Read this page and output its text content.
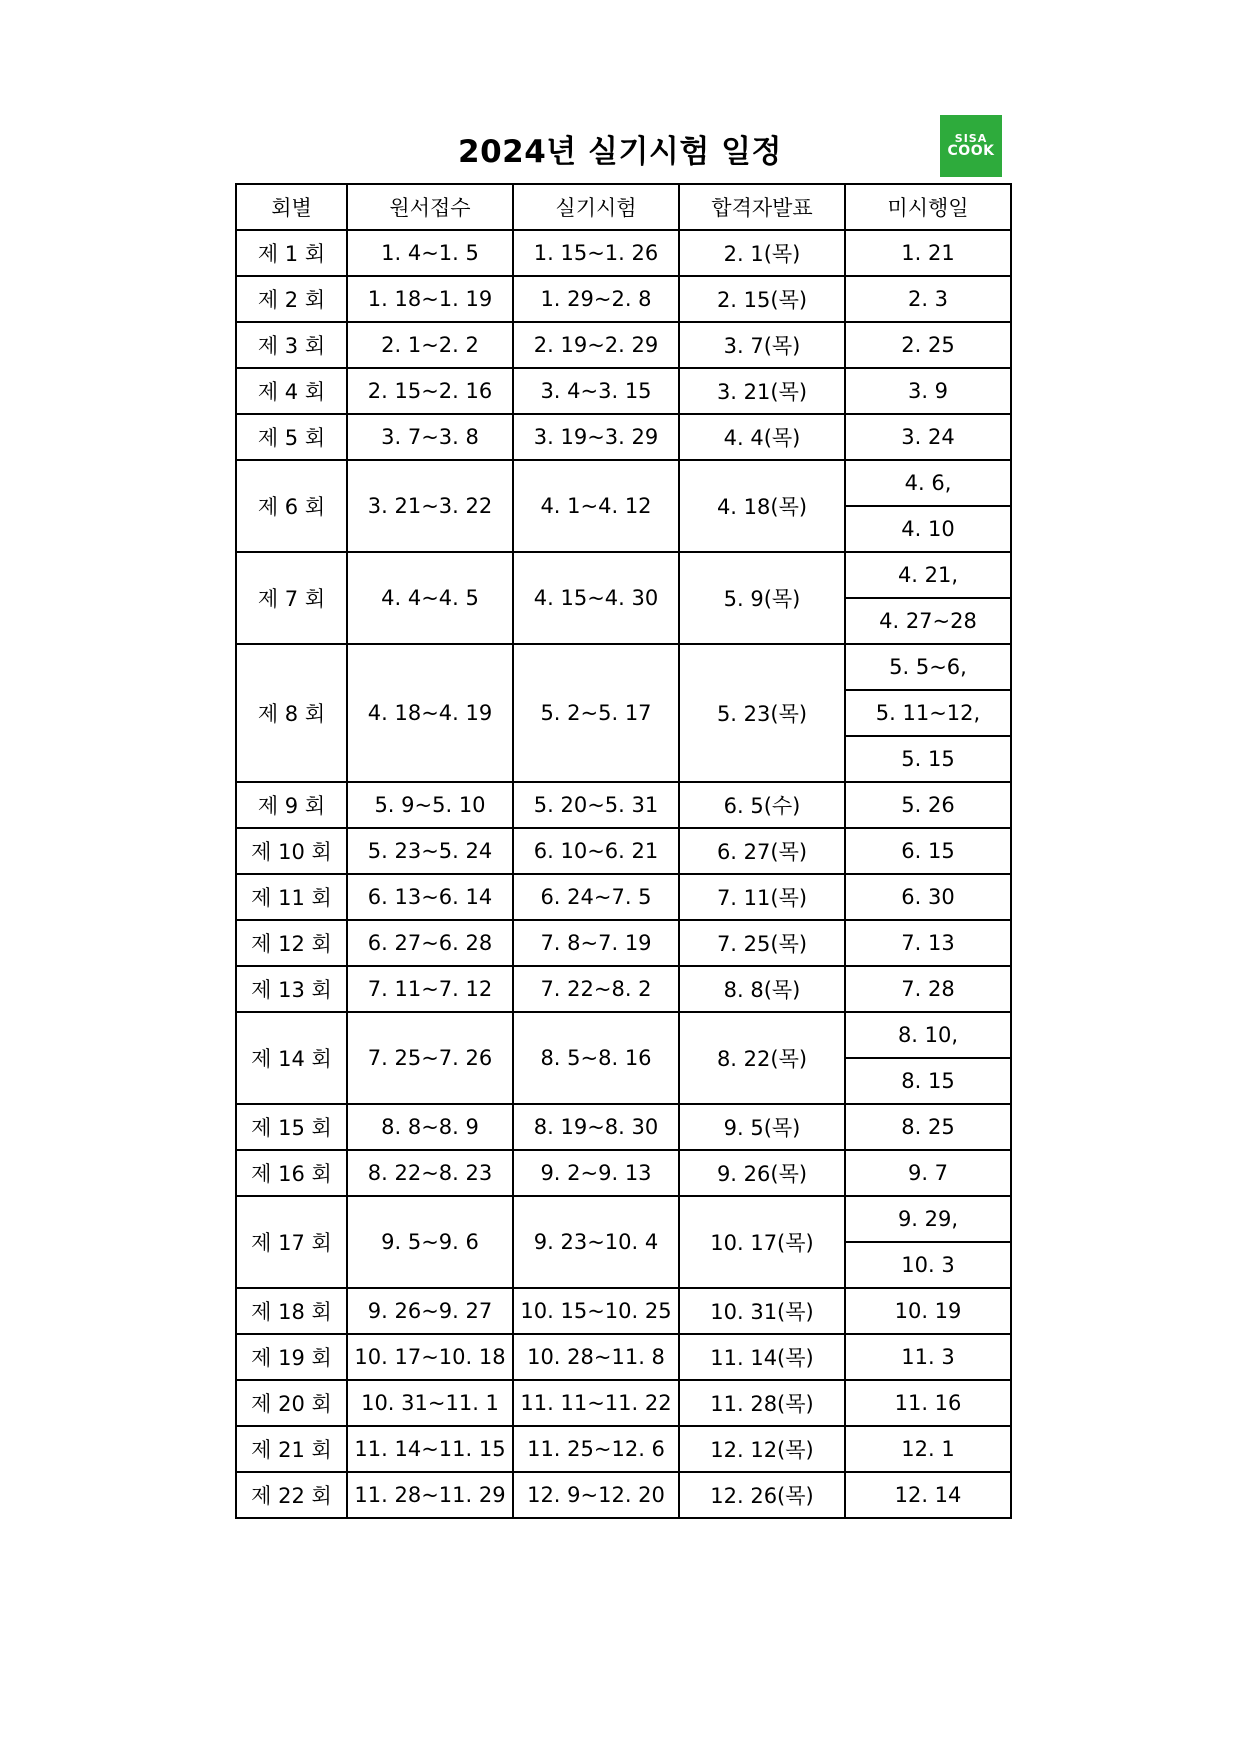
2024년 실기시험 일정	SISA
COOK
회별	원서접수	실기시험	합격자발표	미시행일
제 1 회	1. 4~1. 5	1. 15~1. 26	2. 1(목)	1. 21
제 2 회	1. 18~1. 19	1. 29~2. 8	2. 15(목)	2. 3
제 3 회	2. 1~2. 2	2. 19~2. 29	3. 7(목)	2. 25
제 4 회	2. 15~2. 16	3. 4~3. 15	3. 21(목)	3. 9
제 5 회	3. 7~3. 8	3. 19~3. 29	4. 4(목)	3. 24
제 6 회	3. 21~3. 22	4. 1~4. 12	4. 18(목)	4. 6,
				4. 10
제 7 회	4. 4~4. 5	4. 15~4. 30	5. 9(목)	4. 21,
				4. 27~28
제 8 회	4. 18~4. 19	5. 2~5. 17	5. 23(목)	5. 5~6,
				5. 11~12,
				5. 15
제 9 회	5. 9~5. 10	5. 20~5. 31	6. 5(수)	5. 26
제 10 회	5. 23~5. 24	6. 10~6. 21	6. 27(목)	6. 15
제 11 회	6. 13~6. 14	6. 24~7. 5	7. 11(목)	6. 30
제 12 회	6. 27~6. 28	7. 8~7. 19	7. 25(목)	7. 13
제 13 회	7. 11~7. 12	7. 22~8. 2	8. 8(목)	7. 28
제 14 회	7. 25~7. 26	8. 5~8. 16	8. 22(목)	8. 10,
				8. 15
제 15 회	8. 8~8. 9	8. 19~8. 30	9. 5(목)	8. 25
제 16 회	8. 22~8. 23	9. 2~9. 13	9. 26(목)	9. 7
제 17 회	9. 5~9. 6	9. 23~10. 4	10. 17(목)	9. 29,
				10. 3
제 18 회	9. 26~9. 27	10. 15~10. 25	10. 31(목)	10. 19
제 19 회	10. 17~10. 18	10. 28~11. 8	11. 14(목)	11. 3
제 20 회	10. 31~11. 1	11. 11~11. 22	11. 28(목)	11. 16
제 21 회	11. 14~11. 15	11. 25~12. 6	12. 12(목)	12. 1
제 22 회	11. 28~11. 29	12. 9~12. 20	12. 26(목)	12. 14
